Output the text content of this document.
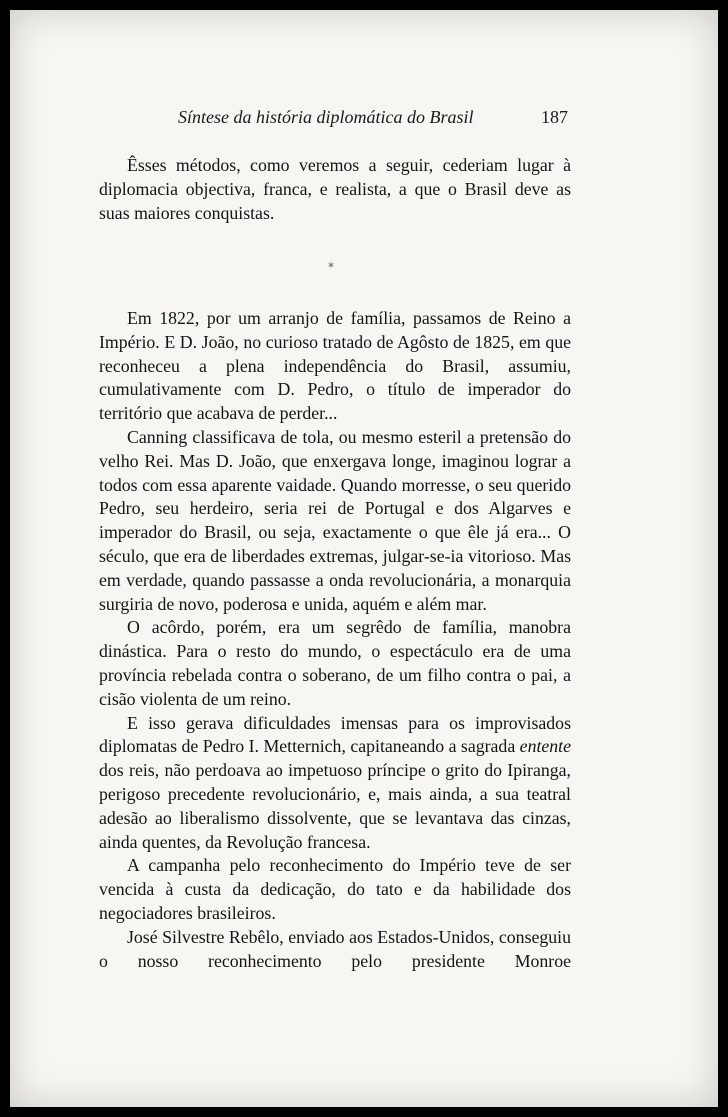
Síntese da história diplomática do Brasil	187

Êsses métodos, como veremos a seguir, cederiam lugar à diplomacia objectiva, franca, e realista, a que o Brasil deve as suas maiores conquistas.

*

Em 1822, por um arranjo de família, passamos de Reino a Império. E D. João, no curioso tratado de Agôsto de 1825, em que reconheceu a plena independência do Brasil, assumiu, cumulativamente com D. Pedro, o título de imperador do território que acabava de perder...

Canning classificava de tola, ou mesmo esteril a pretensão do velho Rei. Mas D. João, que enxergava longe, imaginou lograr a todos com essa aparente vaidade. Quando morresse, o seu querido Pedro, seu herdeiro, seria rei de Portugal e dos Algarves e imperador do Brasil, ou seja, exactamente o que êle já era... O século, que era de liberdades extremas, julgar-se-ia vitorioso. Mas em verdade, quando passasse a onda revolucionária, a monarquia surgiria de novo, poderosa e unida, aquém e além mar.

O acôrdo, porém, era um segrêdo de família, manobra dinástica. Para o resto do mundo, o espectáculo era de uma província rebelada contra o soberano, de um filho contra o pai, a cisão violenta de um reino.

E isso gerava dificuldades imensas para os improvisados diplomatas de Pedro I. Metternich, capitaneando a sagrada entente dos reis, não perdoava ao impetuoso príncipe o grito do Ipiranga, perigoso precedente revolucionário, e, mais ainda, a sua teatral adesão ao liberalismo dissolvente, que se levantava das cinzas, ainda quentes, da Revolução francesa.

A campanha pelo reconhecimento do Império teve de ser vencida à custa da dedicação, do tato e da habilidade dos negociadores brasileiros.

José Silvestre Rebêlo, enviado aos Estados-Unidos, conseguiu o nosso reconhecimento pelo presidente Monroe
